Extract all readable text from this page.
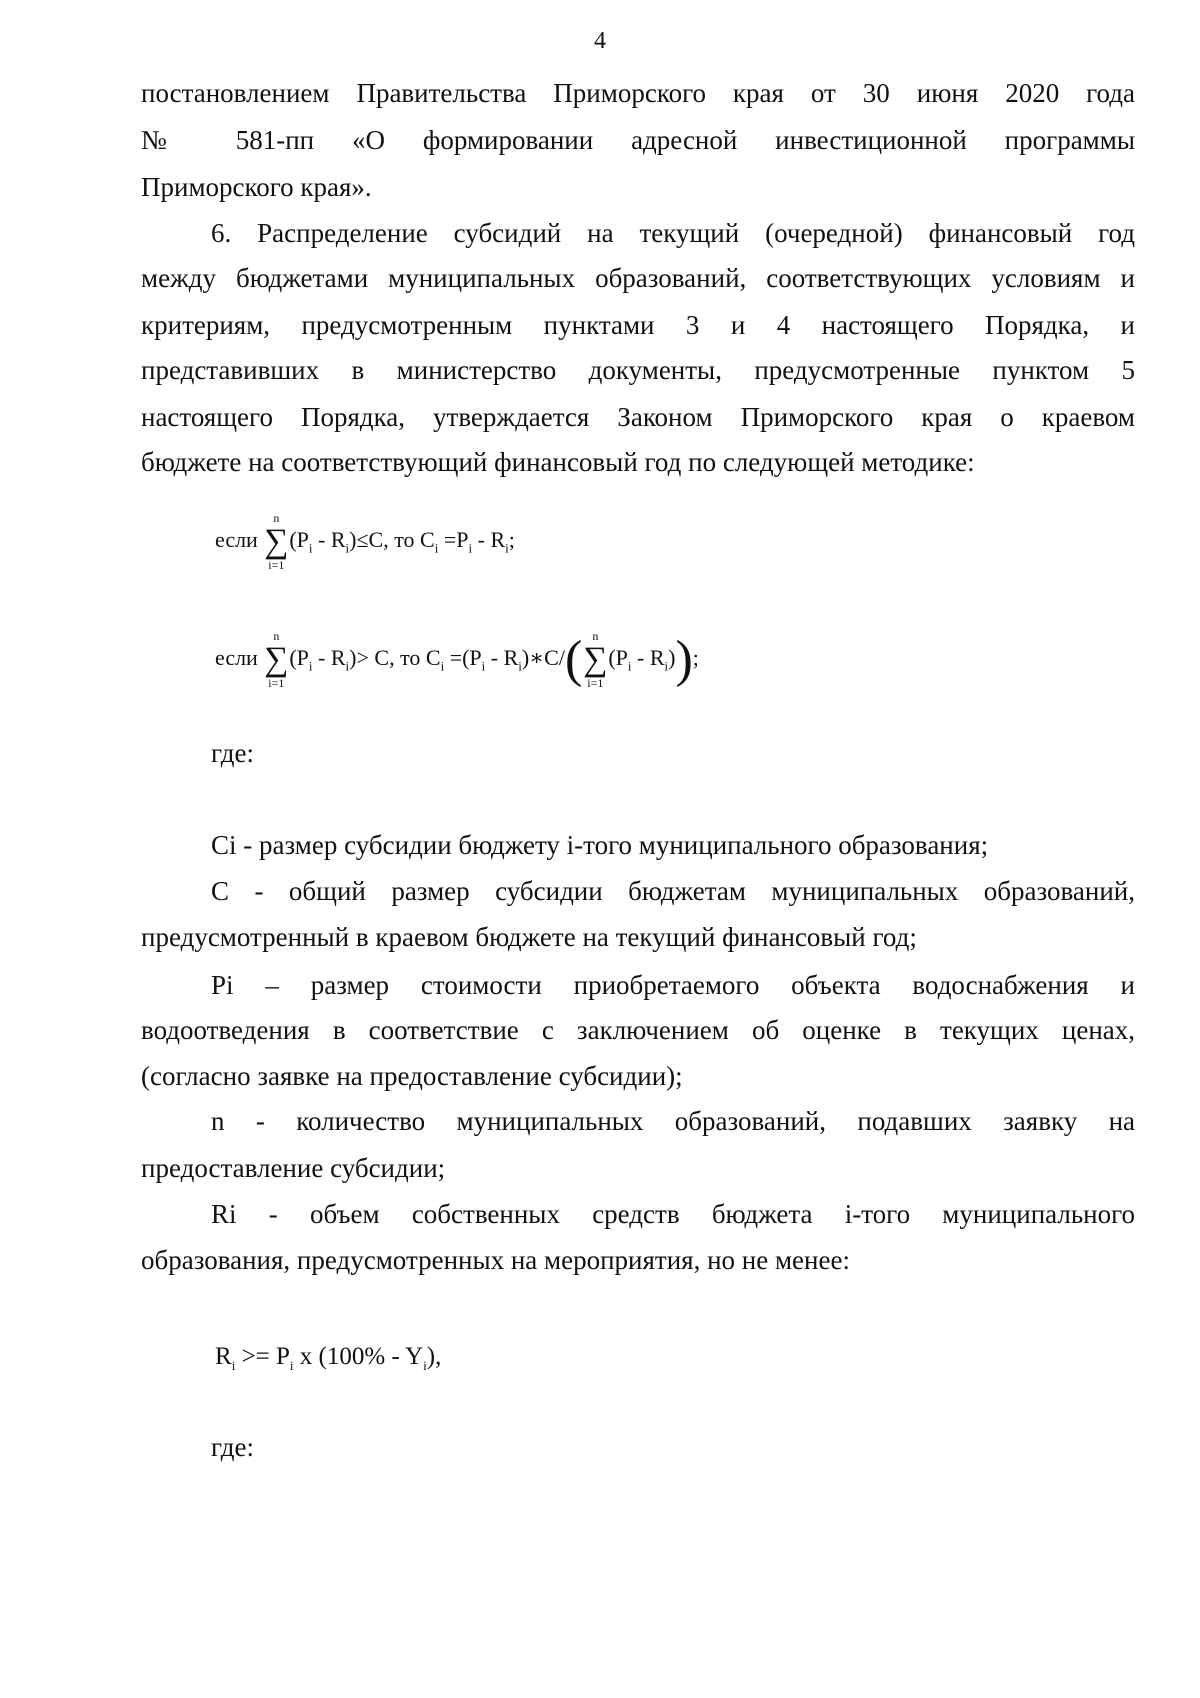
4
постановлением Правительства Приморского края от 30 июня 2020 года
№ 581-пп «О формировании адресной инвестиционной программы
Приморского края».
6. Распределение субсидий на текущий (очередной) финансовый год
между бюджетами муниципальных образований, соответствующих условиям и
критериям, предусмотренным пунктами 3 и 4 настоящего Порядка, и
представивших в министерство документы, предусмотренные пунктом 5
настоящего Порядка, утверждается Законом Приморского края о краевом
бюджете на соответствующий финансовый год по следующей методике:
если
n
∑
i=1
$(P_i - R_i)\le C$, то $C_i =P_i - R_i$;
если
n
∑
i=1
$(P_i - R_i)> C$, то $C_i =(P_i$ - $R_i)∗C/$( n
∑
i=1
$(P_i - R_i)$);
где:
Ci - размер субсидии бюджету i-того муниципального образования;
С - общий размер субсидии бюджетам муниципальных образований,
предусмотренный в краевом бюджете на текущий финансовый год;
Pi – размер стоимости приобретаемого объекта водоснабжения и
водоотведения в соответствие с заключением об оценке в текущих ценах,
(согласно заявке на предоставление субсидии);
n - количество муниципальных образований, подавших заявку на
предоставление субсидии;
Ri - объем собственных средств бюджета i-того муниципального
образования, предусмотренных на мероприятия, но не менее:
$R_i >= P_i$ x $(100\% - Y_i)$,
где:
